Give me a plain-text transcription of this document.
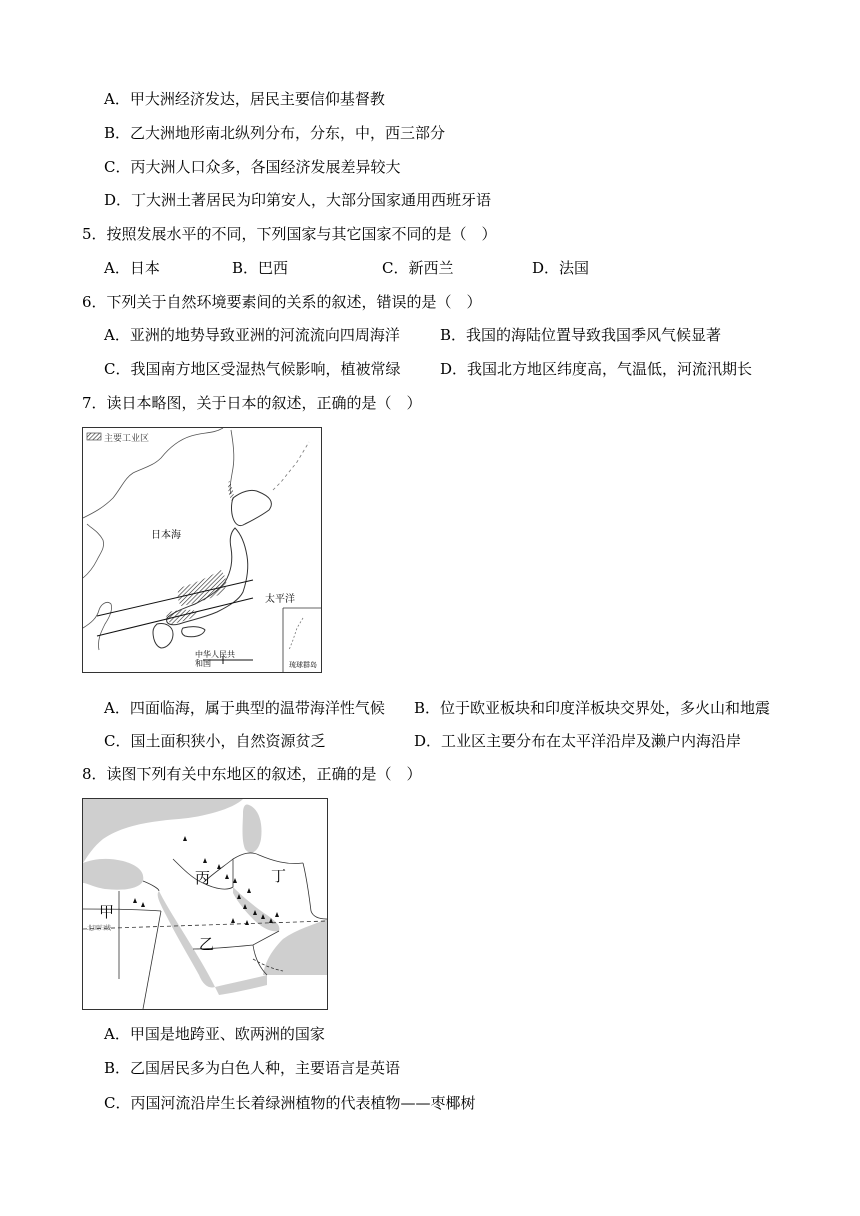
A．甲大洲经济发达，居民主要信仰基督教
B．乙大洲地形南北纵列分布，分东，中，西三部分
C．丙大洲人口众多，各国经济发展差异较大
D．丁大洲土著居民为印第安人，大部分国家通用西班牙语
5．按照发展水平的不同，下列国家与其它国家不同的是（　）
A．日本	B．巴西	C．新西兰	D．法国
6．下列关于自然环境要素间的关系的叙述，错误的是（　）
A．亚洲的地势导致亚洲的河流流向四周海洋	B．我国的海陆位置导致我国季风气候显著
C．我国南方地区受湿热气候影响，植被常绿	D．我国北方地区纬度高，气温低，河流汛期长
7．读日本略图，关于日本的叙述，正确的是（　）
主要工业区
日本海
太平洋
中华人民共和国	琉球群岛
A．四面临海，属于典型的温带海洋性气候 B．位于欧亚板块和印度洋板块交界处，多火山和地震
C．国土面积狭小，自然资源贫乏	D．工业区主要分布在太平洋沿岸及濑户内海沿岸
8．读图下列有关中东地区的叙述，正确的是（　）
甲
北回归线
乙
丙	丁
A．甲国是地跨亚、欧两洲的国家
B．乙国居民多为白色人种，主要语言是英语
C．丙国河流沿岸生长着绿洲植物的代表植物——枣椰树
